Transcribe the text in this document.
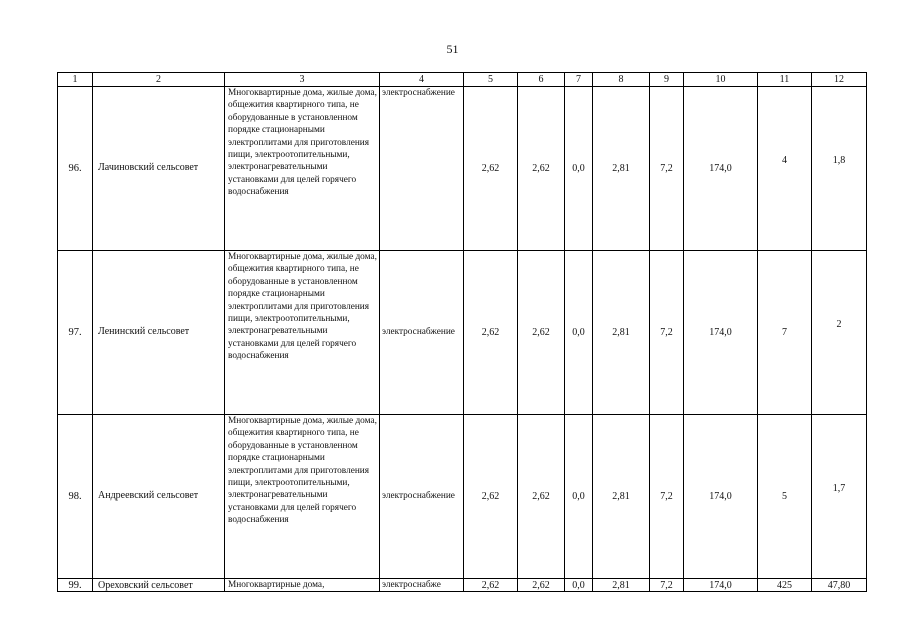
51
1	2	3	4	5	6	7	8	9	10	11	12
96.	Лачиновский сельсовет	Многоквартирные дома, жилые дома, общежития квартирного типа, не оборудованные в установленном порядке стационарными электроплитами для приготовления пищи, электроотопительными, электронагревательными установками для целей горячего водоснабжения	электроснабжение	2,62	2,62	0,0	2,81	7,2	174,0	4	1,8
97.	Ленинский сельсовет	Многоквартирные дома, жилые дома, общежития квартирного типа, не оборудованные в установленном порядке стационарными электроплитами для приготовления пищи, электроотопительными, электронагревательными установками для целей горячего водоснабжения	электроснабжение	2,62	2,62	0,0	2,81	7,2	174,0	7	2
98.	Андреевский сельсовет	Многоквартирные дома, жилые дома, общежития квартирного типа, не оборудованные в установленном порядке стационарными электроплитами для приготовления пищи, электроотопительными, электронагревательными установками для целей горячего водоснабжения	электроснабжение	2,62	2,62	0,0	2,81	7,2	174,0	5	1,7
99.	Ореховский сельсовет	Многоквартирные дома,	электроснабже	2,62	2,62	0,0	2,81	7,2	174,0	425	47,80
